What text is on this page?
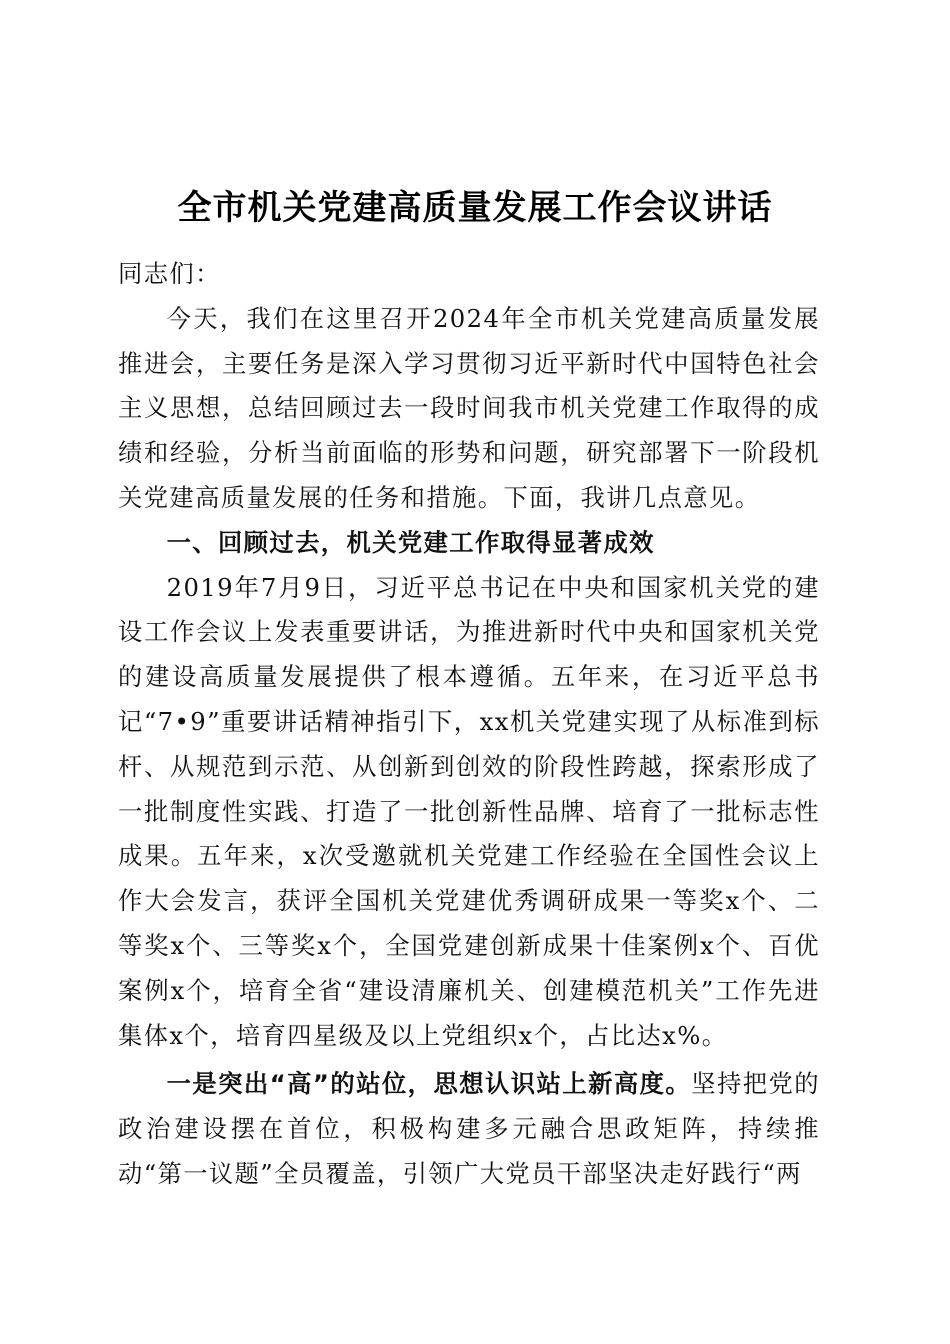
全市机关党建高质量发展工作会议讲话

同志们：

今天，我们在这里召开2024年全市机关党建高质量发展推进会，主要任务是深入学习贯彻习近平新时代中国特色社会主义思想，总结回顾过去一段时间我市机关党建工作取得的成绩和经验，分析当前面临的形势和问题，研究部署下一阶段机关党建高质量发展的任务和措施。下面，我讲几点意见。

一、回顾过去，机关党建工作取得显著成效

2019年7月9日，习近平总书记在中央和国家机关党的建设工作会议上发表重要讲话，为推进新时代中央和国家机关党的建设高质量发展提供了根本遵循。五年来，在习近平总书记“7•9”重要讲话精神指引下，xx机关党建实现了从标准到标杆、从规范到示范、从创新到创效的阶段性跨越，探索形成了一批制度性实践、打造了一批创新性品牌、培育了一批标志性成果。五年来，x次受邀就机关党建工作经验在全国性会议上作大会发言，获评全国机关党建优秀调研成果一等奖x个、二等奖x个、三等奖x个，全国党建创新成果十佳案例x个、百优案例x个，培育全省“建设清廉机关、创建模范机关”工作先进集体x个，培育四星级及以上党组织x个，占比达x%。

一是突出“高”的站位，思想认识站上新高度。坚持把党的政治建设摆在首位，积极构建多元融合思政矩阵，持续推动“第一议题”全员覆盖，引领广大党员干部坚决走好践行“两
